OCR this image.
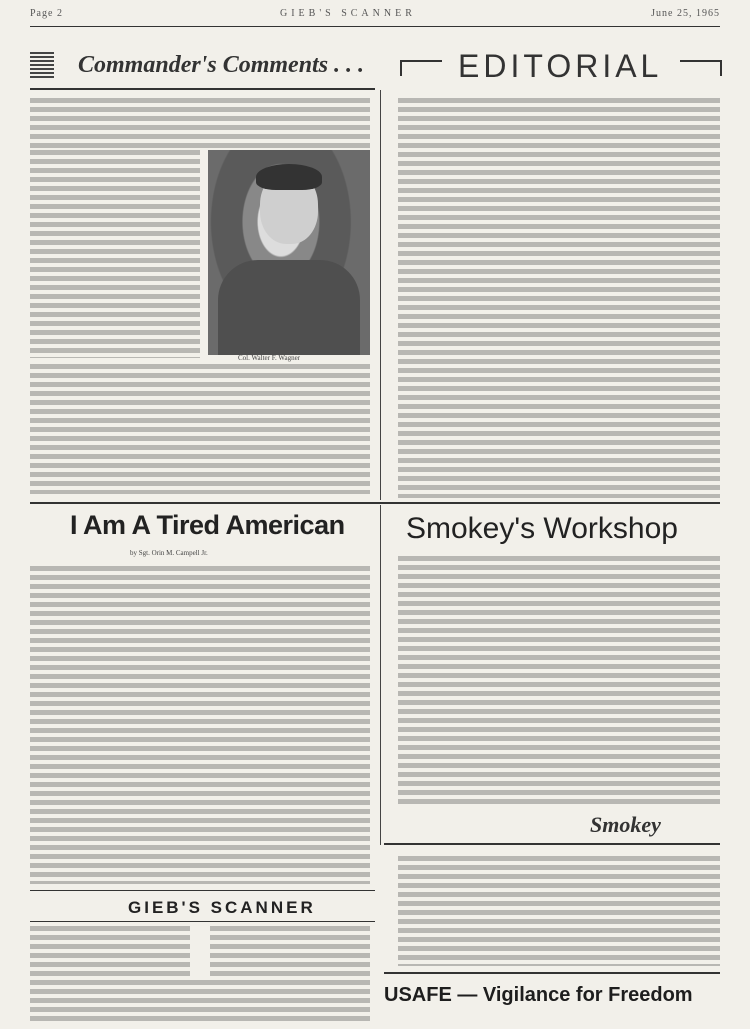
Page 2	GIEB'S SCANNER	June 25, 1965
Commander's Comments . . .	EDITORIAL
Col. Walter F. Wagner
I Am A Tired American
by Sgt. Orin M. Campell Jr.
Smokey's Workshop
Smokey
GIEB'S SCANNER
USAFE — Vigilance for Freedom
